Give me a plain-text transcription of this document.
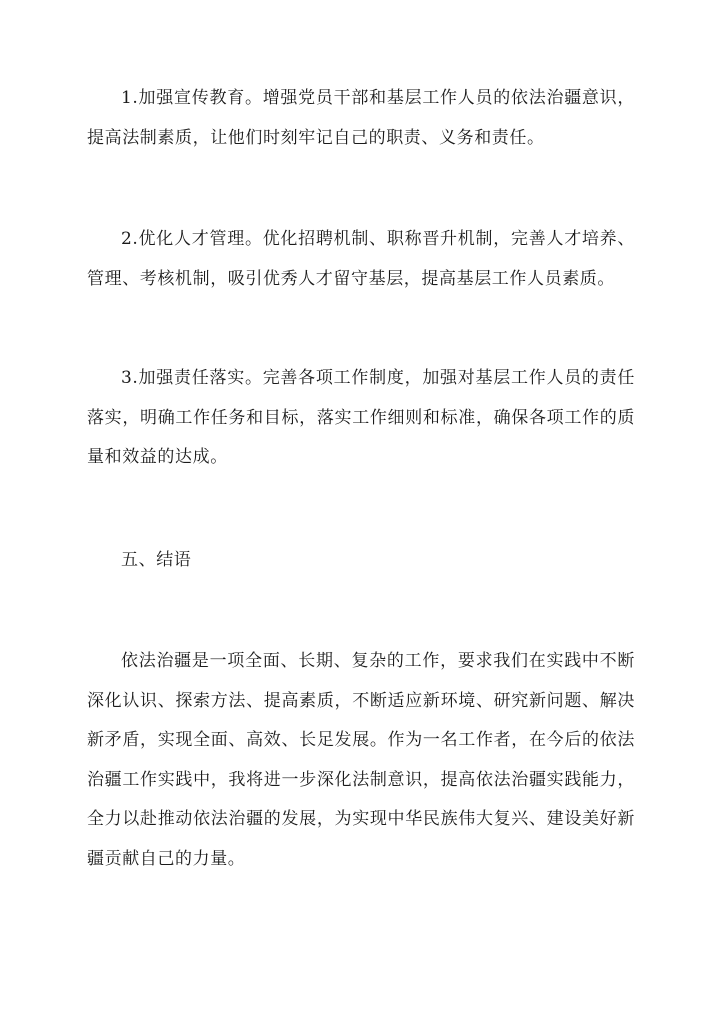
1.加强宣传教育。增强党员干部和基层工作人员的依法治疆意识，提高法制素质，让他们时刻牢记自己的职责、义务和责任。

2.优化人才管理。优化招聘机制、职称晋升机制，完善人才培养、管理、考核机制，吸引优秀人才留守基层，提高基层工作人员素质。

3.加强责任落实。完善各项工作制度，加强对基层工作人员的责任落实，明确工作任务和目标，落实工作细则和标准，确保各项工作的质量和效益的达成。

五、结语

依法治疆是一项全面、长期、复杂的工作，要求我们在实践中不断深化认识、探索方法、提高素质，不断适应新环境、研究新问题、解决新矛盾，实现全面、高效、长足发展。作为一名工作者，在今后的依法治疆工作实践中，我将进一步深化法制意识，提高依法治疆实践能力，全力以赴推动依法治疆的发展，为实现中华民族伟大复兴、建设美好新疆贡献自己的力量。
